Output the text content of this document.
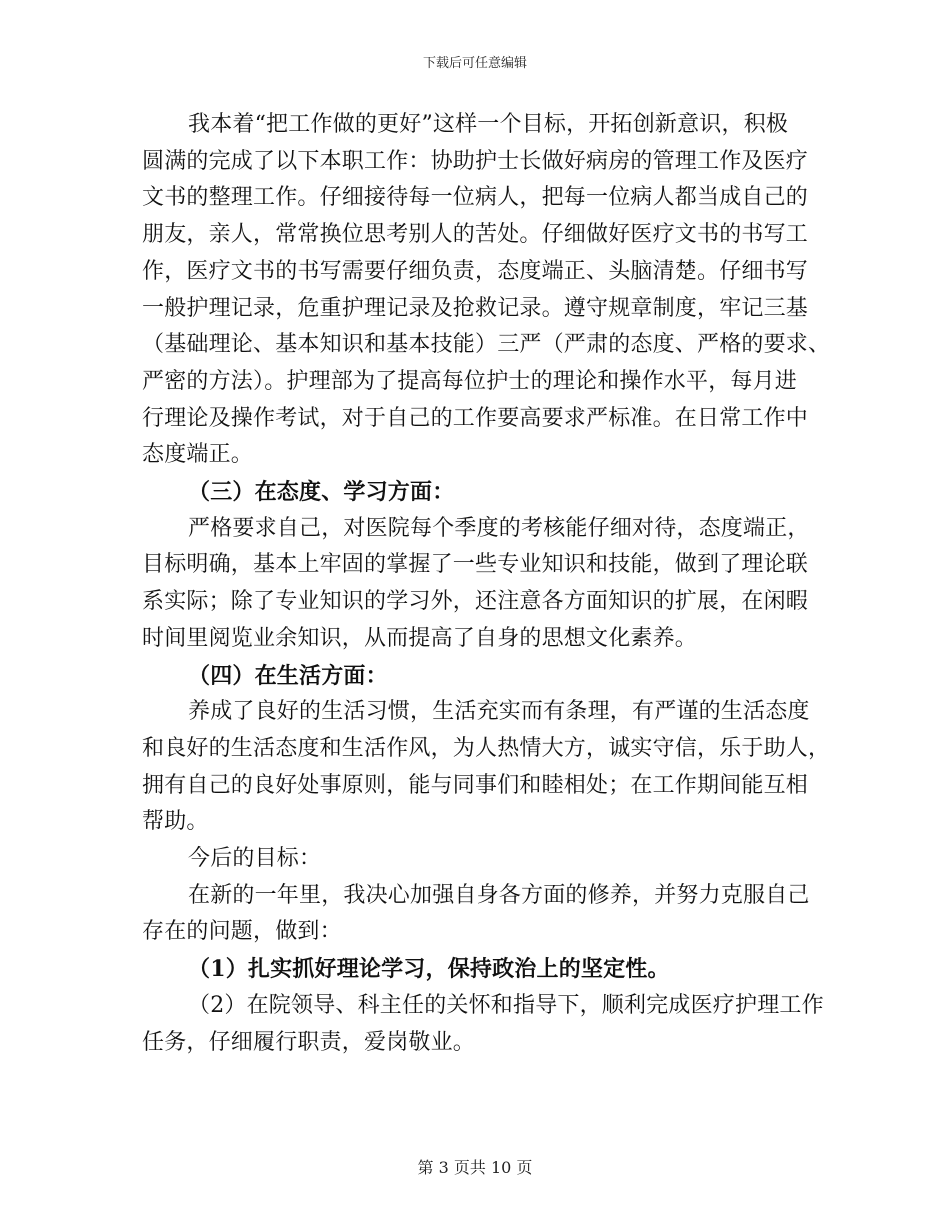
下载后可任意编辑
我本着“把工作做的更好”这样一个目标，开拓创新意识，积极
圆满的完成了以下本职工作：协助护士长做好病房的管理工作及医疗
文书的整理工作。仔细接待每一位病人，把每一位病人都当成自己的
朋友，亲人，常常换位思考别人的苦处。仔细做好医疗文书的书写工
作，医疗文书的书写需要仔细负责，态度端正、头脑清楚。仔细书写
一般护理记录，危重护理记录及抢救记录。遵守规章制度，牢记三基
（基础理论、基本知识和基本技能）三严（严肃的态度、严格的要求、
严密的方法）。护理部为了提高每位护士的理论和操作水平，每月进
行理论及操作考试，对于自己的工作要高要求严标准。在日常工作中
态度端正。
（三）在态度、学习方面：
严格要求自己，对医院每个季度的考核能仔细对待，态度端正，
目标明确，基本上牢固的掌握了一些专业知识和技能，做到了理论联
系实际；除了专业知识的学习外，还注意各方面知识的扩展，在闲暇
时间里阅览业余知识，从而提高了自身的思想文化素养。
（四）在生活方面：
养成了良好的生活习惯，生活充实而有条理，有严谨的生活态度
和良好的生活态度和生活作风，为人热情大方，诚实守信，乐于助人，
拥有自己的良好处事原则，能与同事们和睦相处；在工作期间能互相
帮助。
今后的目标：
在新的一年里，我决心加强自身各方面的修养，并努力克服自己
存在的问题，做到：
（1）扎实抓好理论学习，保持政治上的坚定性。
（2）在院领导、科主任的关怀和指导下，顺利完成医疗护理工作
任务，仔细履行职责，爱岗敬业。
第 3 页共 10 页
